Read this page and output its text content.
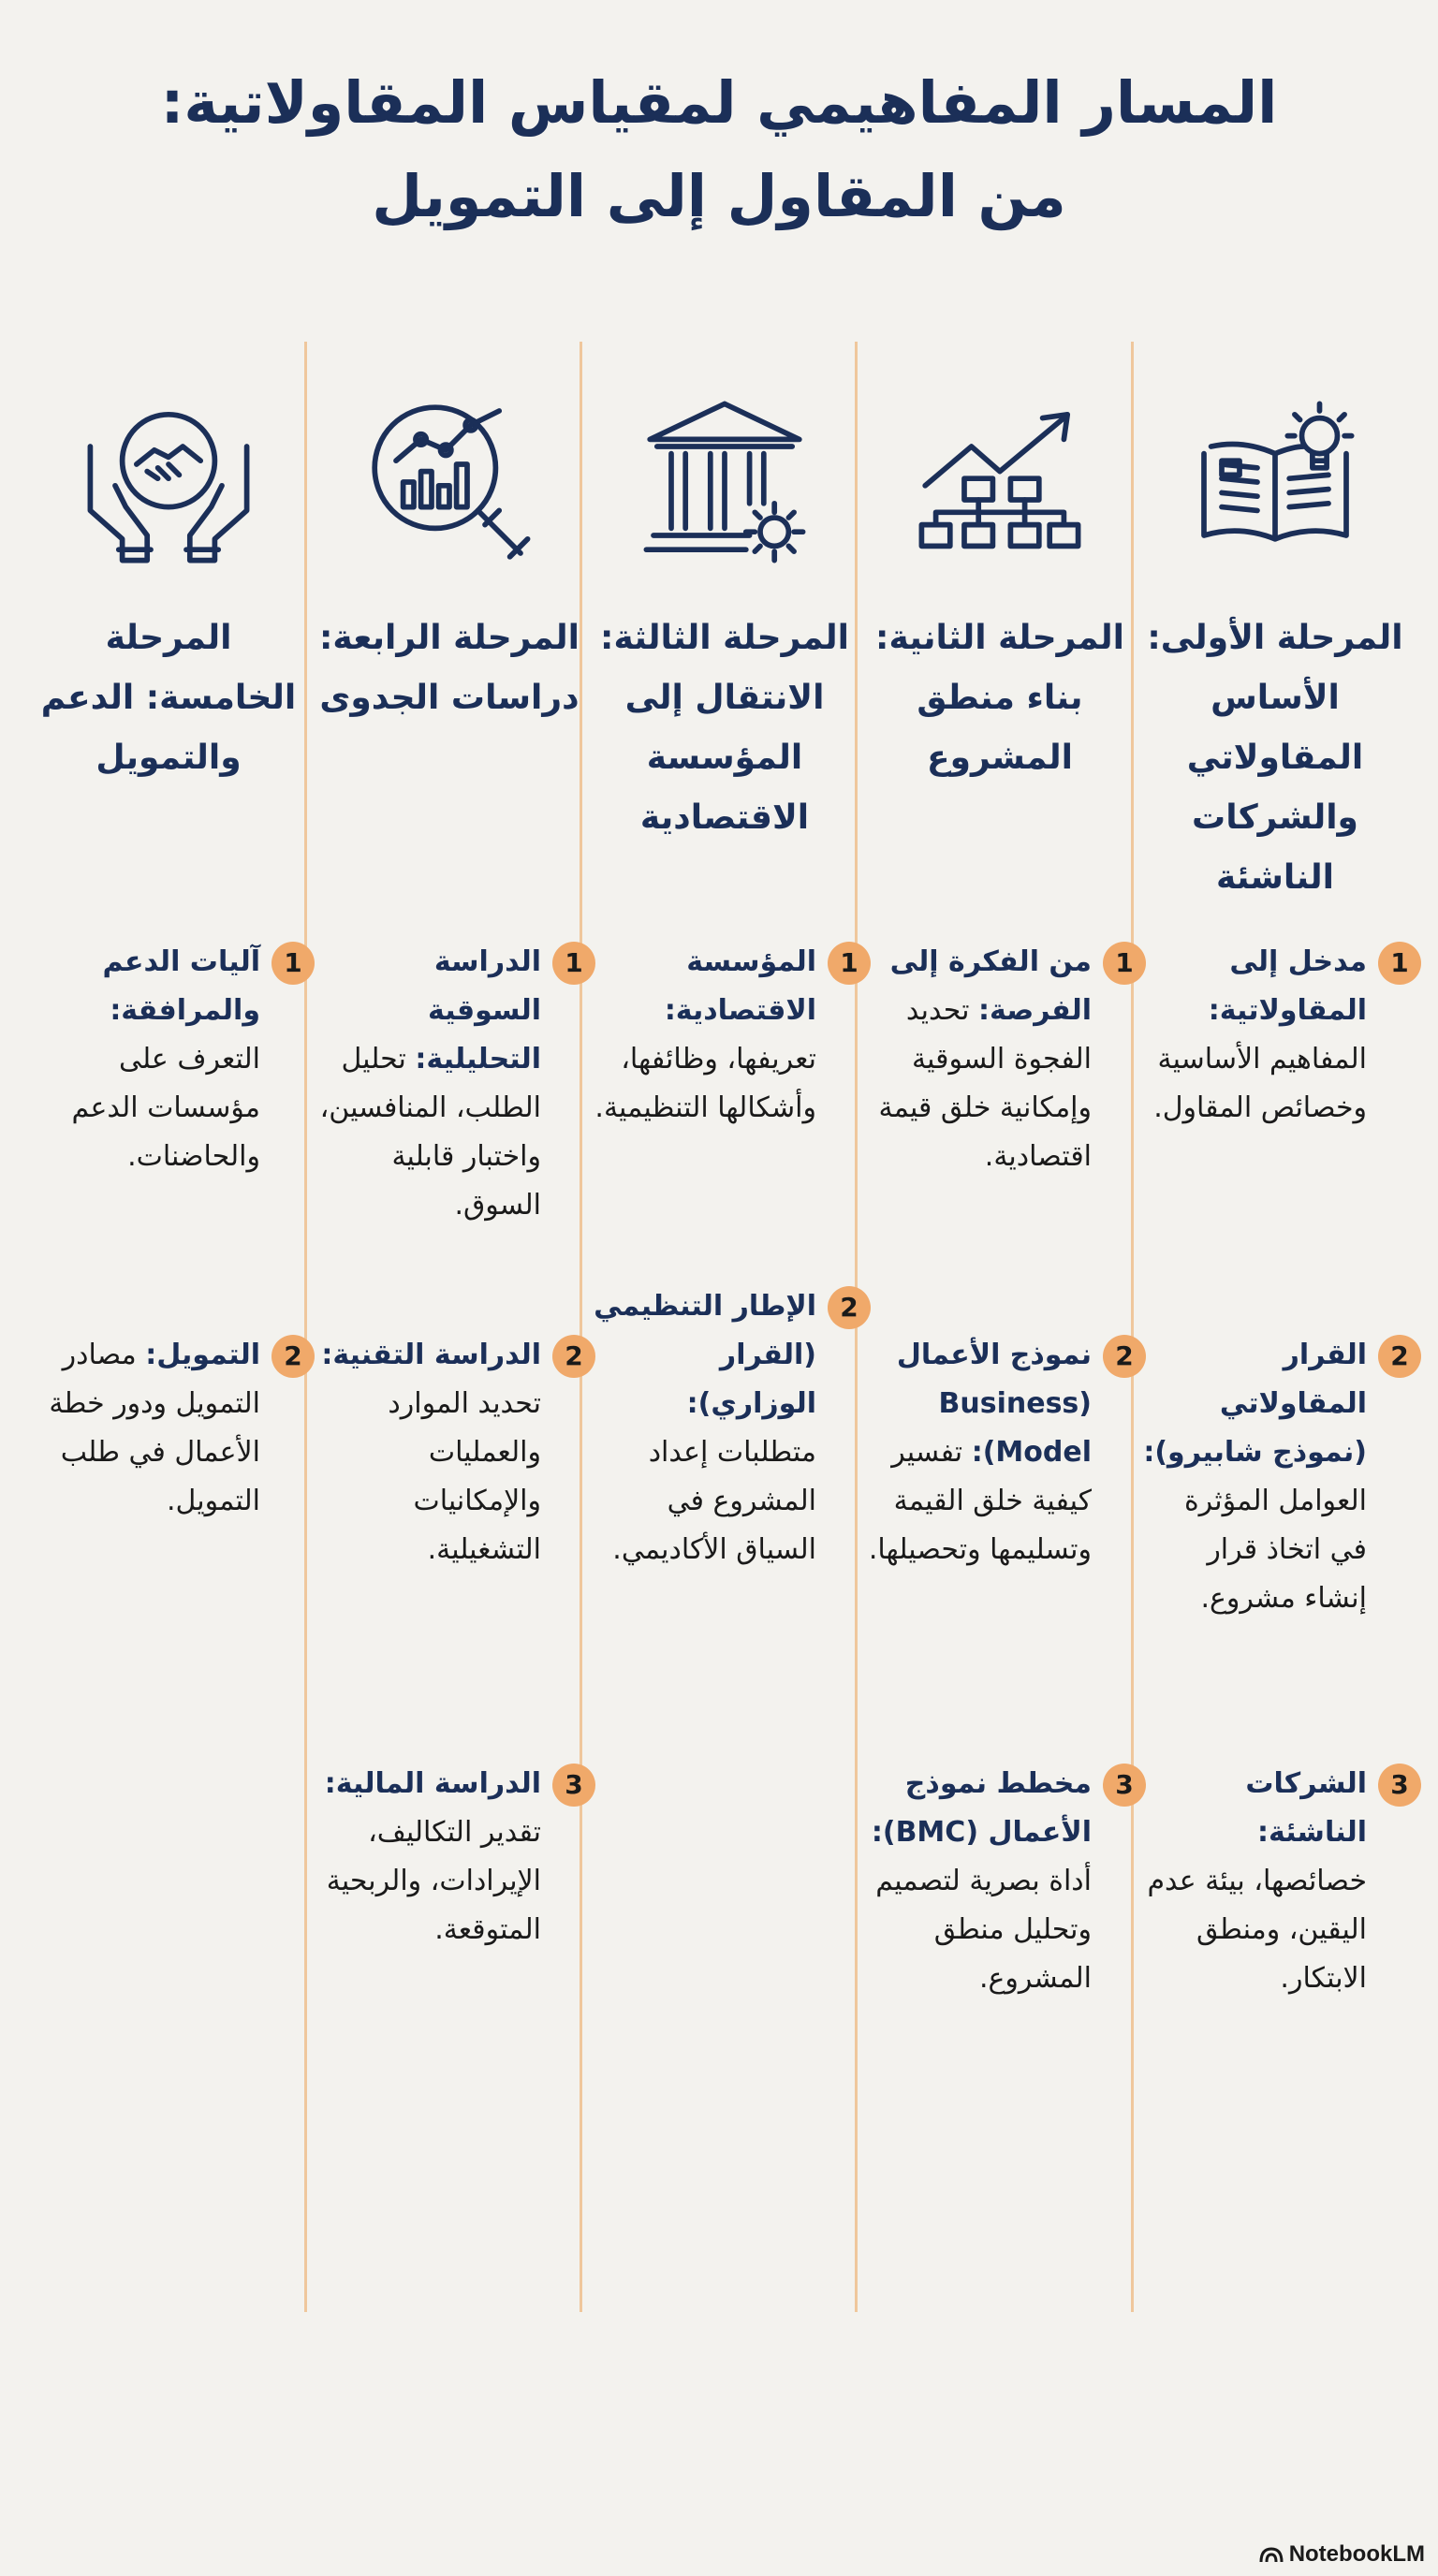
المسار المفاهيمي لمقياس المقاولاتية:
من المقاول إلى التمويل
المرحلة الأولى: الأساس المقاولاتي والشركات الناشئة
1
مدخل إلى المقاولاتية: المفاهيم الأساسية وخصائص المقاول.
2
القرار المقاولاتي (نموذج شابيرو): العوامل المؤثرة في اتخاذ قرار إنشاء مشروع.
3
الشركات الناشئة: خصائصها، بيئة عدم اليقين، ومنطق الابتكار.
المرحلة الثانية: بناء منطق المشروع
1
من الفكرة إلى الفرصة: تحديد الفجوة السوقية وإمكانية خلق قيمة اقتصادية.
2
نموذج الأعمال (Business Model): تفسير كيفية خلق القيمة وتسليمها وتحصيلها.
3
مخطط نموذج الأعمال (BMC): أداة بصرية لتصميم وتحليل منطق المشروع.
المرحلة الثالثة: الانتقال إلى المؤسسة الاقتصادية
1
المؤسسة الاقتصادية: تعريفها، وظائفها، وأشكالها التنظيمية.
2
الإطار التنظيمي (القرار الوزاري): متطلبات إعداد المشروع في السياق الأكاديمي.
المرحلة الرابعة: دراسات الجدوى
1
الدراسة السوقية التحليلية: تحليل الطلب، المنافسين، واختبار قابلية السوق.
2
الدراسة التقنية: تحديد الموارد والعمليات والإمكانيات التشغيلية.
3
الدراسة المالية: تقدير التكاليف، الإيرادات، والربحية المتوقعة.
المرحلة الخامسة: الدعم والتمويل
1
آليات الدعم والمرافقة: التعرف على مؤسسات الدعم والحاضنات.
2
التمويل: مصادر التمويل ودور خطة الأعمال في طلب التمويل.
NotebookLM
